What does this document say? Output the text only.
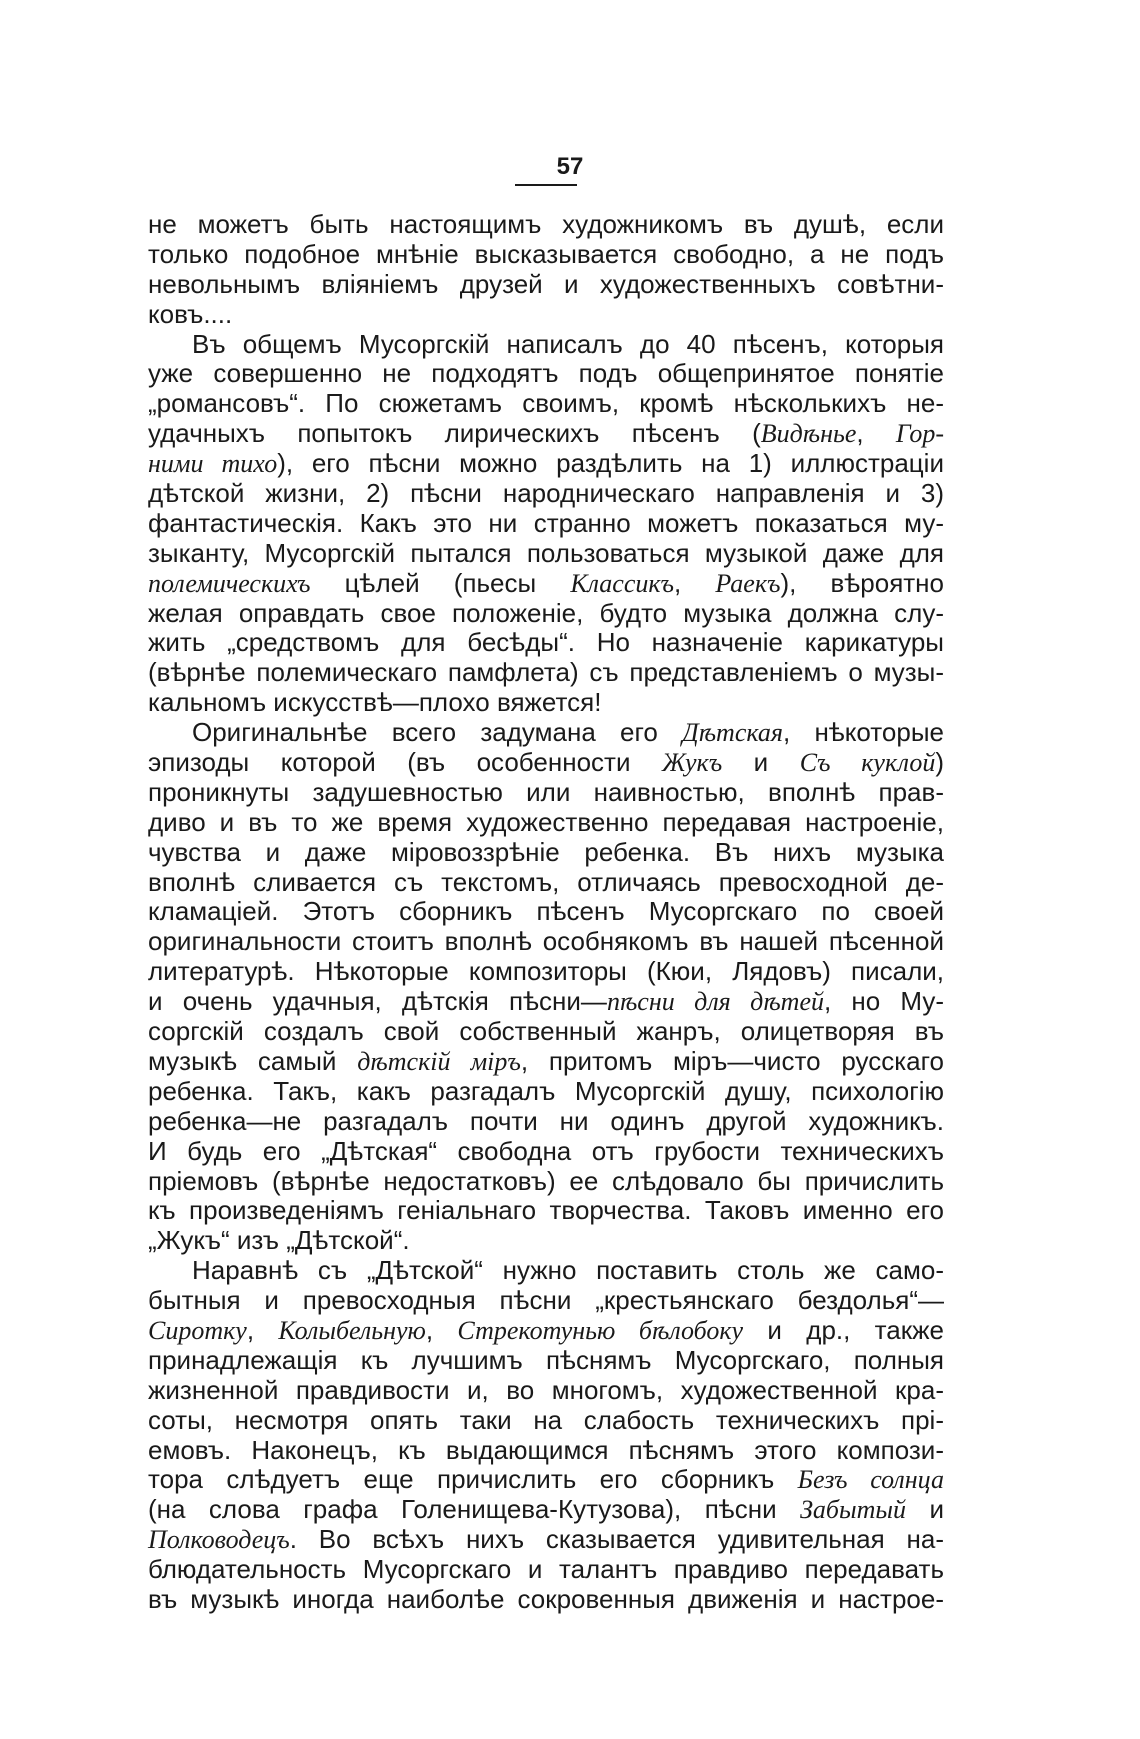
57
не можетъ быть настоящимъ художникомъ въ душѣ, если
только подобное мнѣніе высказывается свободно, а не подъ
невольнымъ вліяніемъ друзей и художественныхъ совѣтни-
ковъ....
Въ общемъ Мусоргскій написалъ до 40 пѣсенъ, которыя
уже совершенно не подходятъ подъ общепринятое понятіе
„романсовъ“. По сюжетамъ своимъ, кромѣ нѣсколькихъ не-
удачныхъ попытокъ лирическихъ пѣсенъ (Видѣнье, Гор-
ними тихо), его пѣсни можно раздѣлить на 1) иллюстраціи
дѣтской жизни, 2) пѣсни народническаго направленія и 3)
фантастическія. Какъ это ни странно можетъ показаться му-
зыканту, Мусоргскій пытался пользоваться музыкой даже для
полемическихъ цѣлей (пьесы Классикъ, Раекъ), вѣроятно
желая оправдать свое положеніе, будто музыка должна слу-
жить „средствомъ для бесѣды“. Но назначеніе карикатуры
(вѣрнѣе полемическаго памфлета) съ представленіемъ о музы-
кальномъ искусствѣ—плохо вяжется!
Оригинальнѣе всего задумана его Дѣтская, нѣкоторые
эпизоды которой (въ особенности Жукъ и Съ куклой)
проникнуты задушевностью или наивностью, вполнѣ прав-
диво и въ то же время художественно передавая настроеніе,
чувства и даже міровоззрѣніе ребенка. Въ нихъ музыка
вполнѣ сливается съ текстомъ, отличаясь превосходной де-
кламаціей. Этотъ сборникъ пѣсенъ Мусоргскаго по своей
оригинальности стоитъ вполнѣ особнякомъ въ нашей пѣсенной
литературѣ. Нѣкоторые композиторы (Кюи, Лядовъ) писали,
и очень удачныя, дѣтскія пѣсни—пѣсни для дѣтей, но Му-
соргскій создалъ свой собственный жанръ, олицетворяя въ
музыкѣ самый дѣтскій міръ, притомъ міръ—чисто русскаго
ребенка. Такъ, какъ разгадалъ Мусоргскій душу, психологію
ребенка—не разгадалъ почти ни одинъ другой художникъ.
И будь его „Дѣтская“ свободна отъ грубости техническихъ
пріемовъ (вѣрнѣе недостатковъ) ее слѣдовало бы причислить
къ произведеніямъ геніальнаго творчества. Таковъ именно его
„Жукъ“ изъ „Дѣтской“.
Наравнѣ съ „Дѣтской“ нужно поставить столь же само-
бытныя и превосходныя пѣсни „крестьянскаго бездолья“—
Сиротку, Колыбельную, Стрекотунью бѣлобоку и др., также
принадлежащія къ лучшимъ пѣснямъ Мусоргскаго, полныя
жизненной правдивости и, во многомъ, художественной кра-
соты, несмотря опять таки на слабость техническихъ прі-
емовъ. Наконецъ, къ выдающимся пѣснямъ этого компози-
тора слѣдуетъ еще причислить его сборникъ Безъ солнца
(на слова графа Голенищева-Кутузова), пѣсни Забытый и
Полководецъ. Во всѣхъ нихъ сказывается удивительная на-
блюдательность Мусоргскаго и талантъ правдиво передавать
въ музыкѣ иногда наиболѣе сокровенныя движенія и настрое-
